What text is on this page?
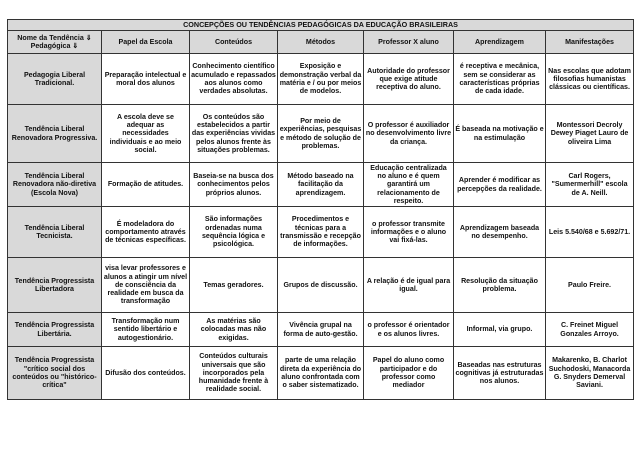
CONCEPÇÕES OU TENDÊNCIAS PEDAGÓGICAS DA EDUCAÇÃO BRASILEIRAS						
Nome da Tendência ⇓ Pedagógica ⇓	Papel da Escola	Conteúdos	Métodos	Professor X aluno	Aprendizagem	Manifestações
Pedagogia Liberal Tradicional.	Preparação intelectual e moral dos alunos	Conhecimento científico acumulado e repassados aos alunos como verdades absolutas.	Exposição e demonstração verbal da matéria e / ou por meios de modelos.	Autoridade do professor que exige atitude receptiva do aluno.	é receptiva e mecânica, sem se considerar as características próprias de cada idade.	Nas escolas que adotam filosofias humanistas clássicas ou científicas.
Tendência Liberal Renovadora Progressiva.	A escola deve se adequar as necessidades individuais e ao meio social.	Os conteúdos são estabelecidos a partir das experiências vividas pelos alunos frente às situações problemas.	Por meio de experiências, pesquisas e método de solução de problemas.	O professor é auxiliador no desenvolvimento livre da criança.	É baseada na motivação e na estimulação	Montessori Decroly Dewey Piaget Lauro de oliveira Lima
Tendência Liberal Renovadora não-diretiva (Escola Nova)	Formação de atitudes.	Baseia-se na busca dos conhecimentos pelos próprios alunos.	Método baseado na facilitação da aprendizagem.	Educação centralizada no aluno e é quem garantirá um relacionamento de respeito.	Aprender é modificar as percepções da realidade.	Carl Rogers, "Sumermerhill" escola de A. Neill.
Tendência Liberal Tecnicista.	É modeladora do comportamento através de técnicas específicas.	São informações ordenadas numa sequência lógica e psicológica.	Procedimentos e técnicas para a transmissão e recepção de informações.	o professor transmite informações e o aluno vai fixá-las.	Aprendizagem baseada no desempenho.	Leis 5.540/68 e 5.692/71.
Tendência Progressista Libertadora	visa levar professores e alunos a atingir um nível de consciência da realidade em busca da transformação	Temas geradores.	Grupos de discussão.	A relação é de igual para igual.	Resolução da situação problema.	Paulo Freire.
Tendência Progressista Libertária.	Transformação num sentido libertário e autogestionário.	As matérias são colocadas mas não exigidas.	Vivência grupal na forma de auto-gestão.	o professor é orientador e os alunos livres.	Informal, via grupo.	C. Freinet Miguel Gonzales Arroyo.
Tendência Progressista "crítico social dos conteúdos ou "histórico-crítica"	Difusão dos conteúdos.	Conteúdos culturais universais que são incorporados pela humanidade frente à realidade social.	parte de uma relação direta da experiência do aluno confrontada com o saber sistematizado.	Papel do aluno como participador e do professor como mediador	Baseadas nas estruturas cognitivas já estruturadas nos alunos.	Makarenko, B. Charlot Suchodoski, Manacorda G. Snyders Demerval Saviani.
